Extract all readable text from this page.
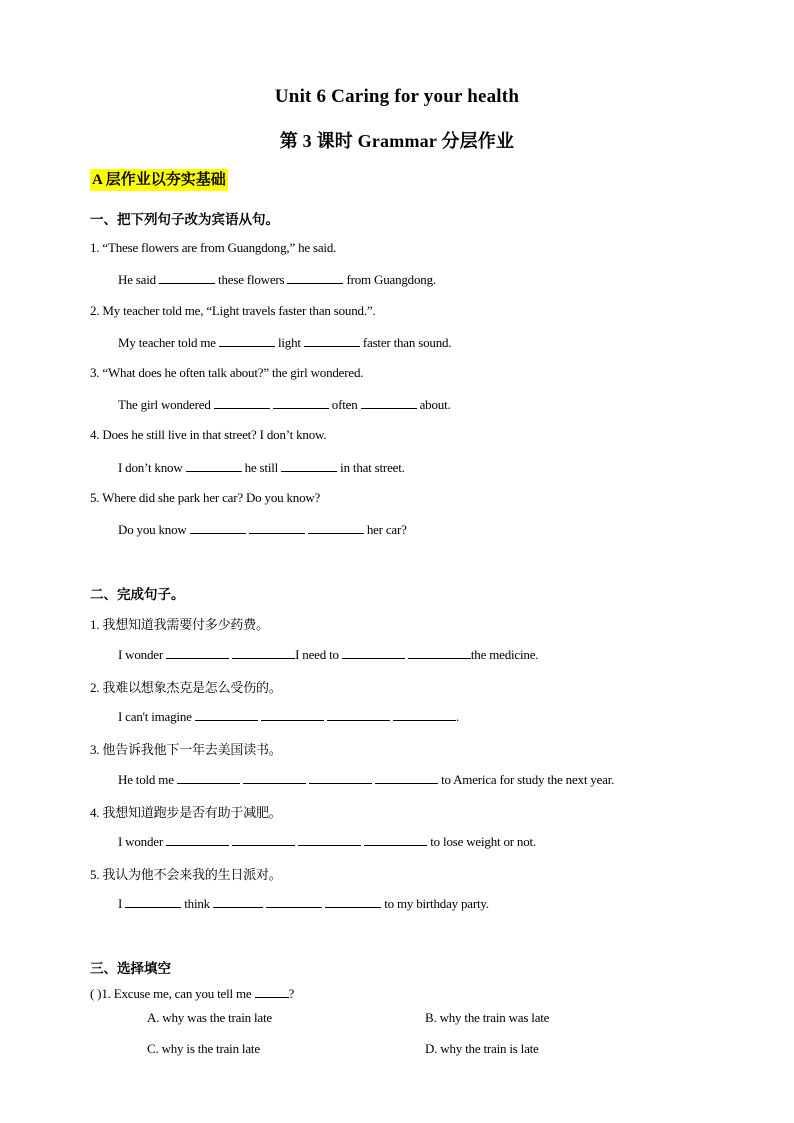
Unit 6 Caring for your health
第 3 课时 Grammar 分层作业
A 层作业以夯实基础
一、把下列句子改为宾语从句。
1. “These flowers are from Guangdong,” he said.
He said	these flowers	from Guangdong.
2. My teacher told me, “Light travels faster than sound.”.
My teacher told me	light	faster than sound.
3. “What does he often talk about?” the girl wondered.
The girl wondered	often	about.
4. Does he still live in that street? I don’t know.
I don’t know	he still	in that street.
5. Where did she park her car? Do you know?
Do you know	her car?
二、完成句子。
1. 我想知道我需要付多少药费。
I wonder	I need to	the medicine.
2. 我难以想象杰克是怎么受伤的。
I can't imagine	.
3. 他告诉我他下一年去美国读书。
He told me	to America for study the next year.
4. 我想知道跑步是否有助于减肥。
I wonder	to lose weight or not.
5. 我认为他不会来我的生日派对。
I	think	to my birthday party.
三、选择填空
( )1. Excuse me, can you tell me	?
A. why was the train late	B. why the train was late
C. why is the train late	D. why the train is late
